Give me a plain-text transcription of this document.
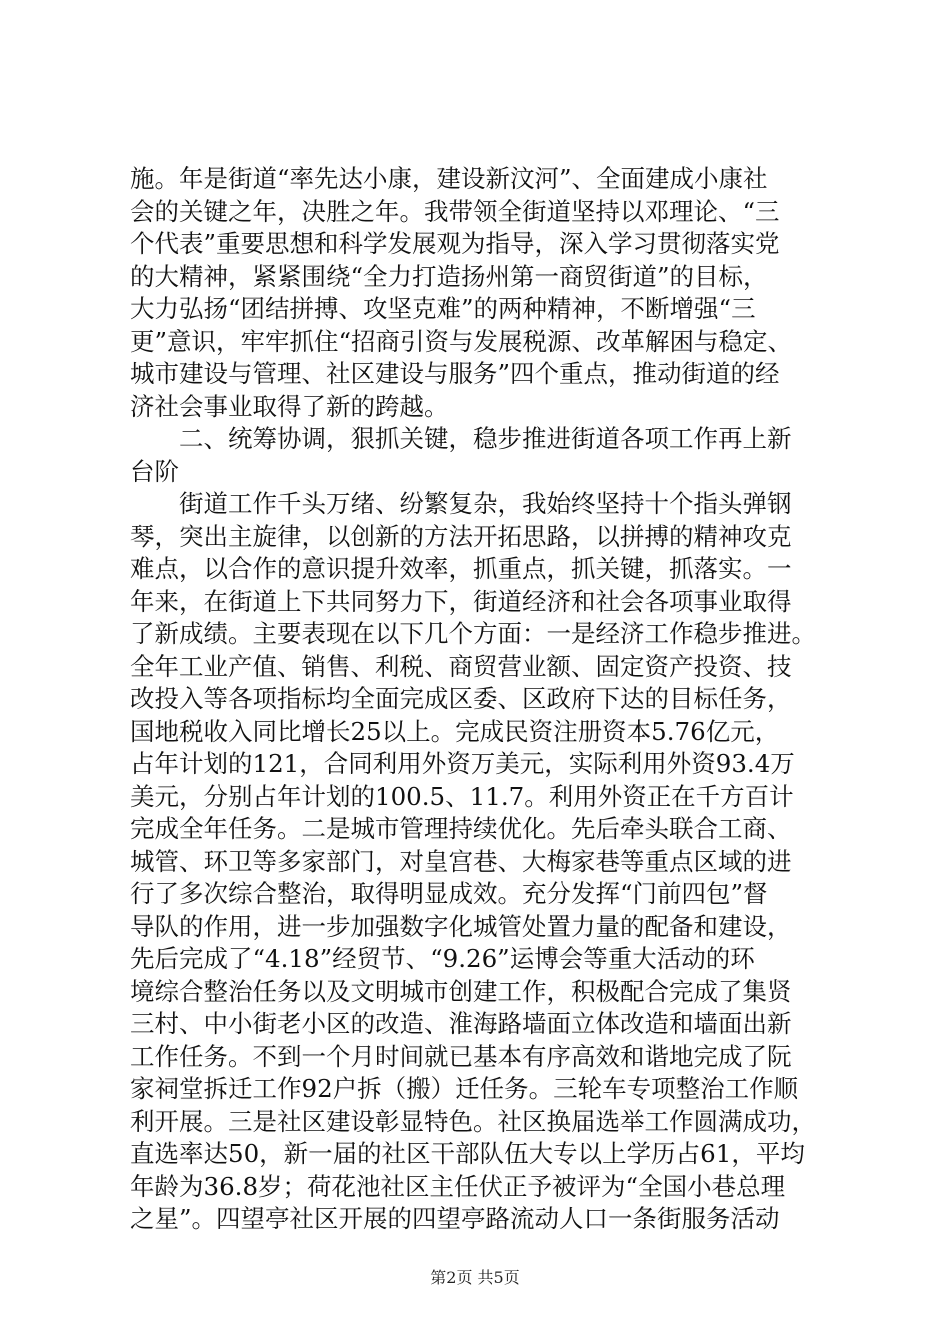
施。年是街道“率先达小康，建设新汶河”、全面建成小康社
会的关键之年，决胜之年。我带领全街道坚持以邓理论、“三
个代表”重要思想和科学发展观为指导，深入学习贯彻落实党
的大精神，紧紧围绕“全力打造扬州第一商贸街道”的目标，
大力弘扬“团结拼搏、攻坚克难”的两种精神，不断增强“三
更”意识，牢牢抓住“招商引资与发展税源、改革解困与稳定、
城市建设与管理、社区建设与服务”四个重点，推动街道的经
济社会事业取得了新的跨越。
　　二、统筹协调，狠抓关键，稳步推进街道各项工作再上新
台阶
　　街道工作千头万绪、纷繁复杂，我始终坚持十个指头弹钢
琴，突出主旋律，以创新的方法开拓思路，以拼搏的精神攻克
难点，以合作的意识提升效率，抓重点，抓关键，抓落实。一
年来，在街道上下共同努力下，街道经济和社会各项事业取得
了新成绩。主要表现在以下几个方面：一是经济工作稳步推进。
全年工业产值、销售、利税、商贸营业额、固定资产投资、技
改投入等各项指标均全面完成区委、区政府下达的目标任务，
国地税收入同比增长25以上。完成民资注册资本5.76亿元，
占年计划的121，合同利用外资万美元，实际利用外资93.4万
美元，分别占年计划的100.5、11.7。利用外资正在千方百计
完成全年任务。二是城市管理持续优化。先后牵头联合工商、
城管、环卫等多家部门，对皇宫巷、大梅家巷等重点区域的进
行了多次综合整治，取得明显成效。充分发挥“门前四包”督
导队的作用，进一步加强数字化城管处置力量的配备和建设，
先后完成了“4.18”经贸节、“9.26”运博会等重大活动的环
境综合整治任务以及文明城市创建工作，积极配合完成了集贤
三村、中小街老小区的改造、淮海路墙面立体改造和墙面出新
工作任务。不到一个月时间就已基本有序高效和谐地完成了阮
家祠堂拆迁工作92户拆（搬）迁任务。三轮车专项整治工作顺
利开展。三是社区建设彰显特色。社区换届选举工作圆满成功，
直选率达50，新一届的社区干部队伍大专以上学历占61，平均
年龄为36.8岁；荷花池社区主任伏正予被评为“全国小巷总理
之星”。四望亭社区开展的四望亭路流动人口一条街服务活动
第2页 共5页
